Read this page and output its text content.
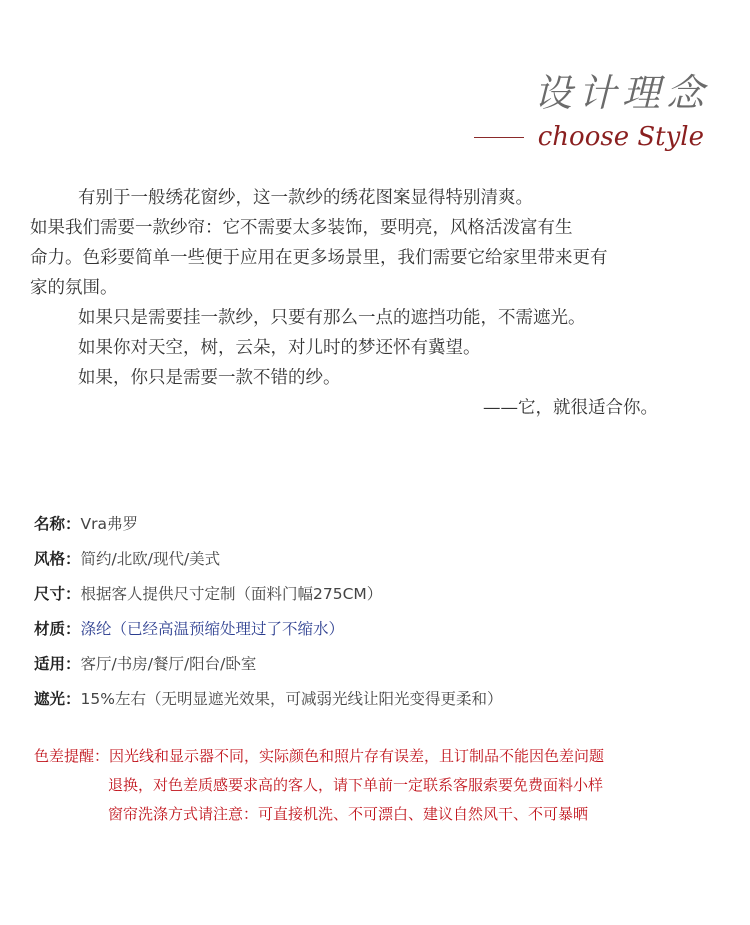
设计理念
choose Style

有别于一般绣花窗纱，这一款纱的绣花图案显得特别清爽。

如果我们需要一款纱帘：它不需要太多装饰，要明亮，风格活泼富有生

命力。色彩要简单一些便于应用在更多场景里，我们需要它给家里带来更有

家的氛围。

如果只是需要挂一款纱，只要有那么一点的遮挡功能，不需遮光。

如果你对天空，树，云朵，对儿时的梦还怀有冀望。

如果，你只是需要一款不错的纱。

——它，就很适合你。

名称：Vra弗罗
风格：简约/北欧/现代/美式
尺寸：根据客人提供尺寸定制（面料门幅275CM）
材质：涤纶（已经高温预缩处理过了不缩水）
适用：客厅/书房/餐厅/阳台/卧室
遮光：15%左右（无明显遮光效果，可减弱光线让阳光变得更柔和）

色差提醒：因光线和显示器不同，实际颜色和照片存有误差，且订制品不能因色差问题

退换，对色差质感要求高的客人，请下单前一定联系客服索要免费面料小样

窗帘洗涤方式请注意：可直接机洗、不可漂白、建议自然风干、不可暴晒
